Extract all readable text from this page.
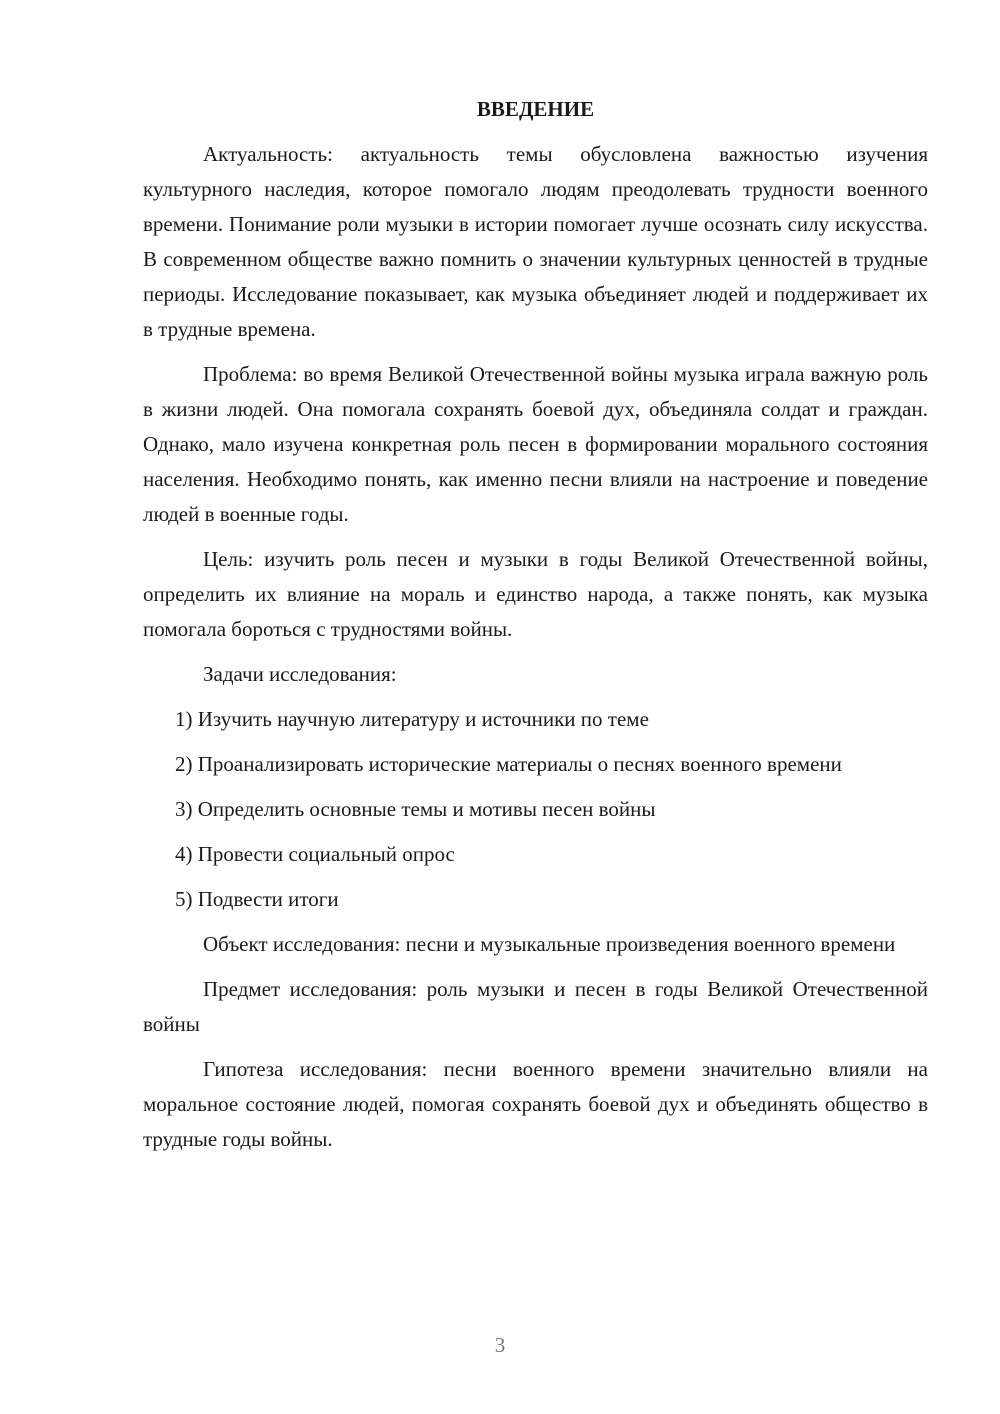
ВВЕДЕНИЕ

Актуальность: актуальность темы обусловлена важностью изучения культурного наследия, которое помогало людям преодолевать трудности военного времени. Понимание роли музыки в истории помогает лучше осознать силу искусства. В современном обществе важно помнить о значении культурных ценностей в трудные периоды. Исследование показывает, как музыка объединяет людей и поддерживает их в трудные времена.

Проблема: во время Великой Отечественной войны музыка играла важную роль в жизни людей. Она помогала сохранять боевой дух, объединяла солдат и граждан. Однако, мало изучена конкретная роль песен в формировании морального состояния населения. Необходимо понять, как именно песни влияли на настроение и поведение людей в военные годы.

Цель: изучить роль песен и музыки в годы Великой Отечественной войны, определить их влияние на мораль и единство народа, а также понять, как музыка помогала бороться с трудностями войны.

Задачи исследования:

1) Изучить научную литературу и источники по теме

2) Проанализировать исторические материалы о песнях военного времени

3) Определить основные темы и мотивы песен войны

4) Провести социальный опрос

5) Подвести итоги

Объект исследования: песни и музыкальные произведения военного времени

Предмет исследования: роль музыки и песен в годы Великой Отечественной войны

Гипотеза исследования: песни военного времени значительно влияли на моральное состояние людей, помогая сохранять боевой дух и объединять общество в трудные годы войны.

3
